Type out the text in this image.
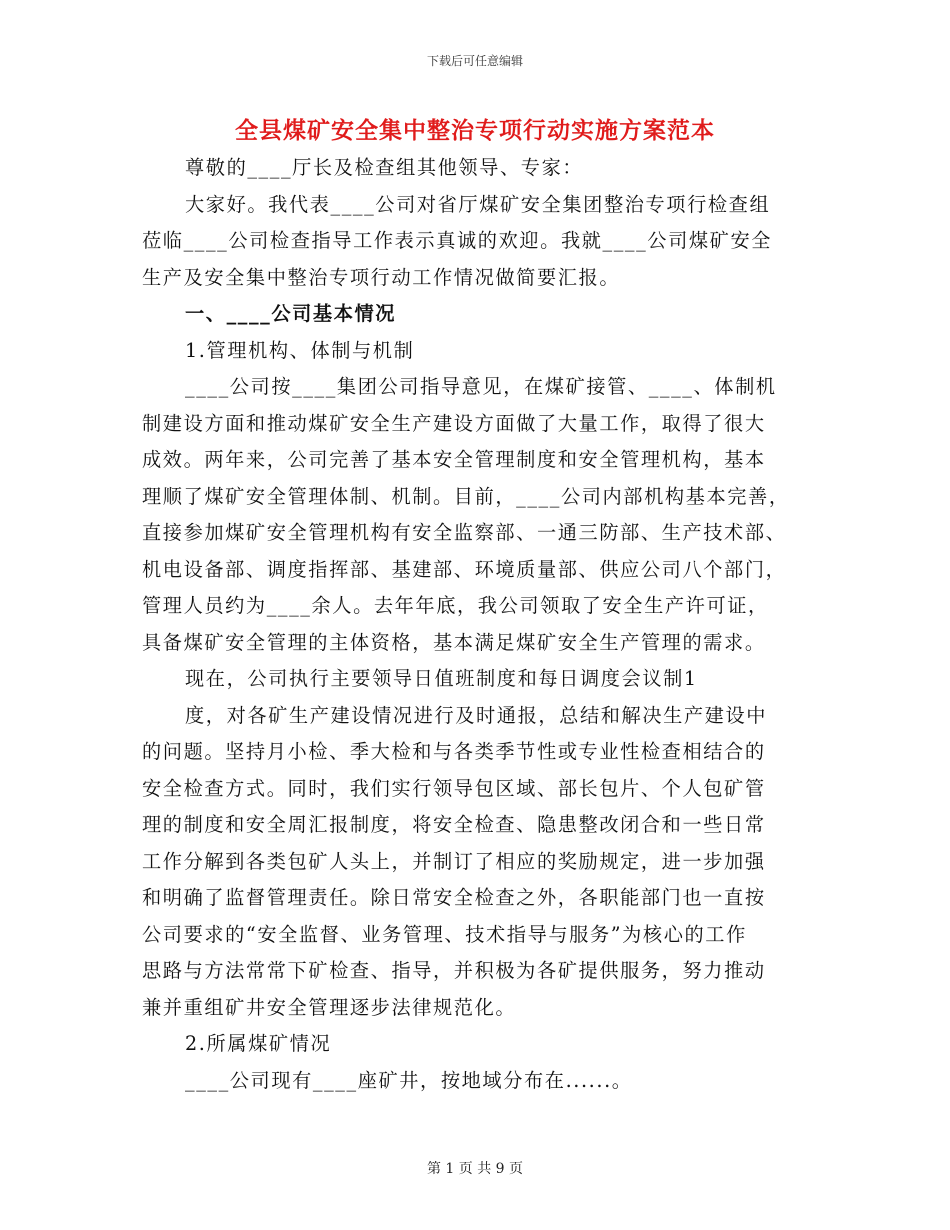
下载后可任意编辑
全县煤矿安全集中整治专项行动实施方案范本
尊敬的____厅长及检查组其他领导、专家：
大家好。我代表____公司对省厅煤矿安全集团整治专项行检查组
莅临____公司检查指导工作表示真诚的欢迎。我就____公司煤矿安全
生产及安全集中整治专项行动工作情况做简要汇报。
一、____公司基本情况
1.管理机构、体制与机制
____公司按____集团公司指导意见，在煤矿接管、____、体制机
制建设方面和推动煤矿安全生产建设方面做了大量工作，取得了很大
成效。两年来，公司完善了基本安全管理制度和安全管理机构，基本
理顺了煤矿安全管理体制、机制。目前，____公司内部机构基本完善，
直接参加煤矿安全管理机构有安全监察部、一通三防部、生产技术部、
机电设备部、调度指挥部、基建部、环境质量部、供应公司八个部门，
管理人员约为____余人。去年年底，我公司领取了安全生产许可证，
具备煤矿安全管理的主体资格，基本满足煤矿安全生产管理的需求。
现在，公司执行主要领导日值班制度和每日调度会议制1
度，对各矿生产建设情况进行及时通报，总结和解决生产建设中
的问题。坚持月小检、季大检和与各类季节性或专业性检查相结合的
安全检查方式。同时，我们实行领导包区域、部长包片、个人包矿管
理的制度和安全周汇报制度，将安全检查、隐患整改闭合和一些日常
工作分解到各类包矿人头上，并制订了相应的奖励规定，进一步加强
和明确了监督管理责任。除日常安全检查之外，各职能部门也一直按
公司要求的“安全监督、业务管理、技术指导与服务”为核心的工作
思路与方法常常下矿检查、指导，并积极为各矿提供服务，努力推动
兼并重组矿井安全管理逐步法律规范化。
2.所属煤矿情况
____公司现有____座矿井，按地域分布在......。
第 1 页 共 9 页
